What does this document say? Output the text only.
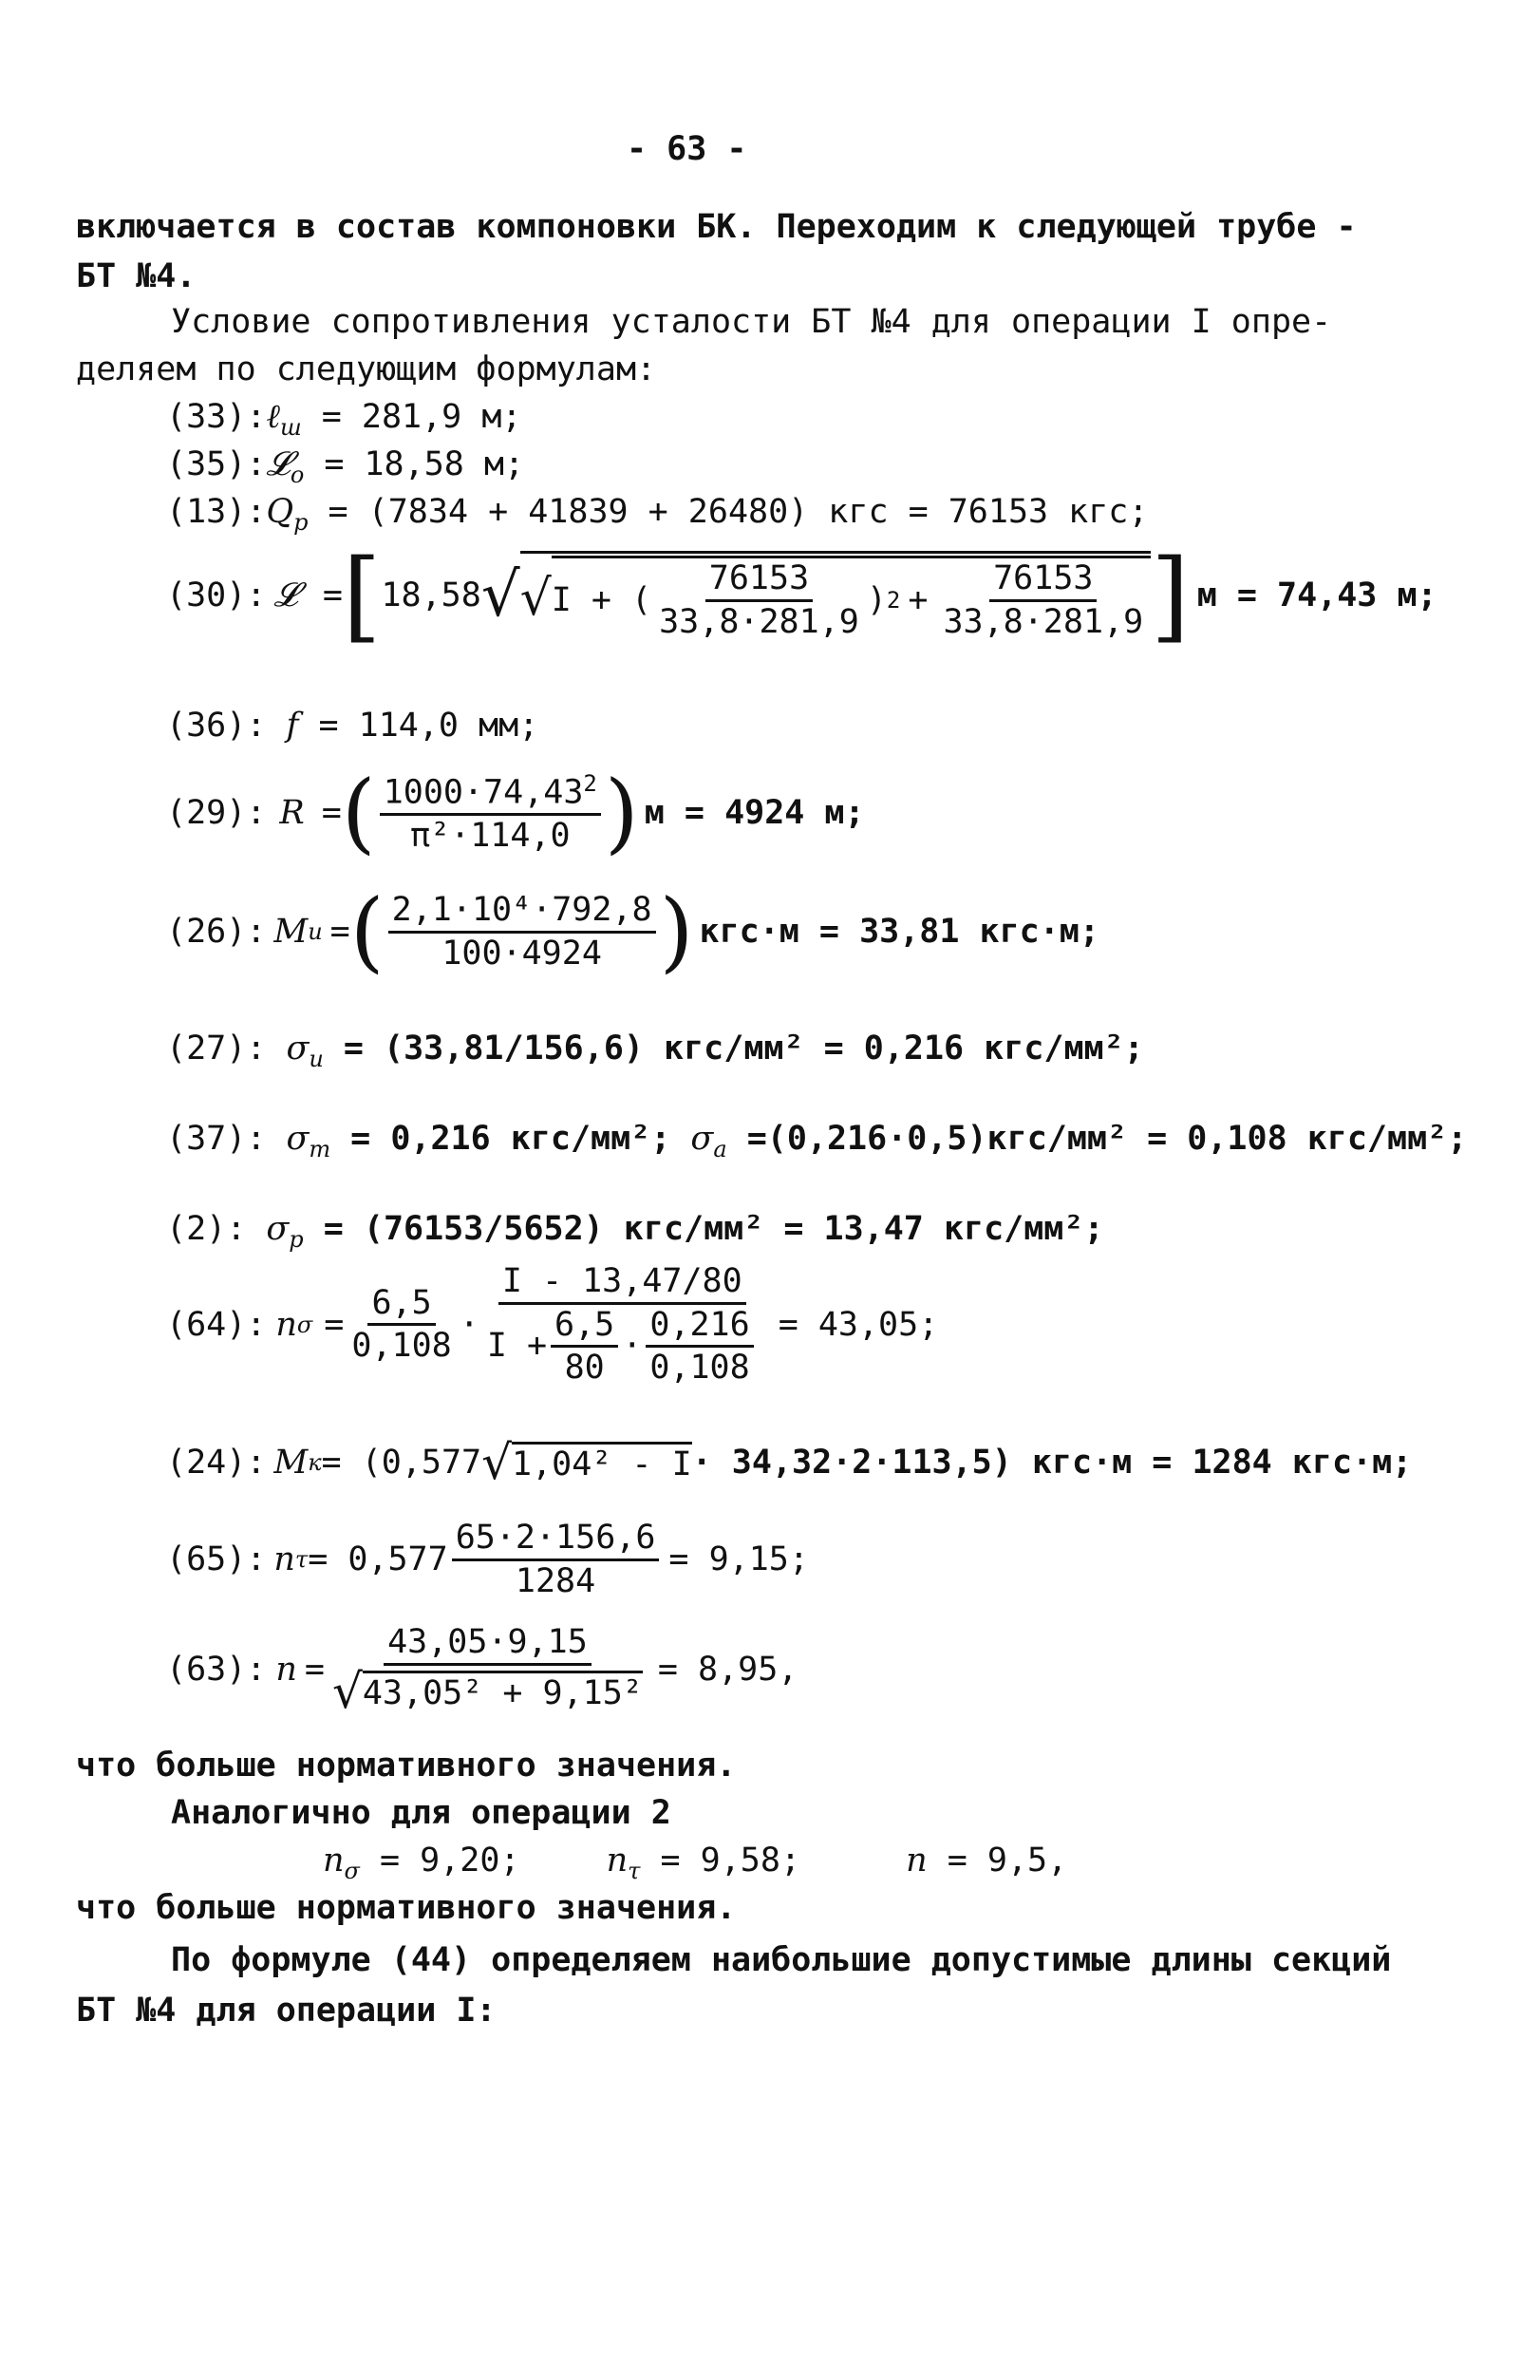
- 63 -
включается в состав компоновки БК. Переходим к следующей трубе -
БТ №4.
Условие сопротивления усталости БТ №4 для операции I опре-
деляем по следующим формулам:
(33):ℓ$_ш$ = 281,9 м;
(35):𝓛$_о$ = 18,58 м;
$(13):Q_р = (7834 + 41839 + 26480)$ кгс = 76153 кгс;
(30): 𝓛 = [ 18,58 √ √ I + ( $\frac{76153}{33,8\cdot 281,9}$ ) $2 + \frac{76153}{33,8\cdot 281,9}$ ] м = 74,43 м;
(36): f = 114,0 мм;
(29): R = ( $\frac{1000\cdot 74,43^2}{\text{π²·114,0}}$ ) м = 4924 м;
(26): M и = ( $\frac{\text{2,1·10⁴·792,8}}{100\cdot 4924}$ ) кгс·м = 33,81 кгс·м;
(27): $\sigma_и = (33,81/156,6) кгс/мм^2 = 0,216$ кгс/мм²;
(37): $\sigma_m = 0,216$ кгс/мм²; $\sigma_a =(0,216\cdot 0,5)кгс/мм^2 = 0,108$ кгс/мм²;
(2): $\sigma_р = (76153/5652) кгс/мм^2 = 13,47$ кгс/мм²;
(64): n $\sigma = \frac{6,5}{0,108}$ ·
I - 13,47/80
$I + \frac{6,5}{80} \cdot \frac{0,216}{0,108} = 43,05$;
(24): M к = (0,577 √ 1,04² - I · 34,32·2·113,5) кгс·м = 1284 кгс·м;
(65): n $\tau = 0,577 \frac{65\cdot 2\cdot 156,6}{1284} = 9,15$;
(63): $n = \frac{43,05\cdot 9,15}{\text{√ 43,05² + 9,15²}} = 8,95$,
что больше нормативного значения.
Аналогично для операции 2
$n_\sigma = 9,20$;	$n_\tau = 9,58$;	n = 9,5,
что больше нормативного значения.
По формуле (44) определяем наибольшие допустимые длины секций
БТ №4 для операции I:
